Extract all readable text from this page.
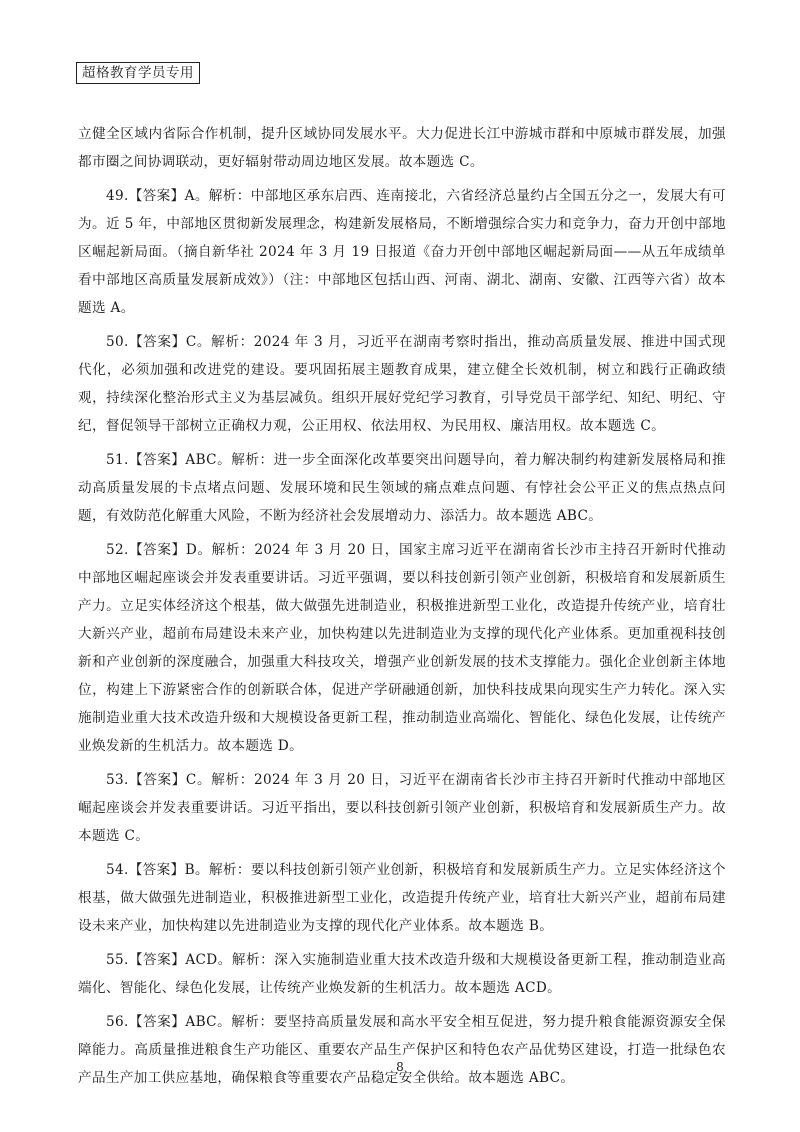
超格教育学员专用

立健全区域内省际合作机制，提升区域协同发展水平。大力促进长江中游城市群和中原城市群发展，加强都市圈之间协调联动，更好辐射带动周边地区发展。故本题选 C。

49.【答案】A。解析：中部地区承东启西、连南接北，六省经济总量约占全国五分之一，发展大有可为。近 5 年，中部地区贯彻新发展理念，构建新发展格局，不断增强综合实力和竞争力，奋力开创中部地区崛起新局面。（摘自新华社 2024 年 3 月 19 日报道《奋力开创中部地区崛起新局面——从五年成绩单看中部地区高质量发展新成效》）（注：中部地区包括山西、河南、湖北、湖南、安徽、江西等六省）故本题选 A。

50.【答案】C。解析：2024 年 3 月，习近平在湖南考察时指出，推动高质量发展、推进中国式现代化，必须加强和改进党的建设。要巩固拓展主题教育成果，建立健全长效机制，树立和践行正确政绩观，持续深化整治形式主义为基层减负。组织开展好党纪学习教育，引导党员干部学纪、知纪、明纪、守纪，督促领导干部树立正确权力观，公正用权、依法用权、为民用权、廉洁用权。故本题选 C。

51.【答案】ABC。解析：进一步全面深化改革要突出问题导向，着力解决制约构建新发展格局和推动高质量发展的卡点堵点问题、发展环境和民生领域的痛点难点问题、有悖社会公平正义的焦点热点问题，有效防范化解重大风险，不断为经济社会发展增动力、添活力。故本题选 ABC。

52.【答案】D。解析：2024 年 3 月 20 日，国家主席习近平在湖南省长沙市主持召开新时代推动中部地区崛起座谈会并发表重要讲话。习近平强调，要以科技创新引领产业创新，积极培育和发展新质生产力。立足实体经济这个根基，做大做强先进制造业，积极推进新型工业化，改造提升传统产业，培育壮大新兴产业，超前布局建设未来产业，加快构建以先进制造业为支撑的现代化产业体系。更加重视科技创新和产业创新的深度融合，加强重大科技攻关，增强产业创新发展的技术支撑能力。强化企业创新主体地位，构建上下游紧密合作的创新联合体，促进产学研融通创新，加快科技成果向现实生产力转化。深入实施制造业重大技术改造升级和大规模设备更新工程，推动制造业高端化、智能化、绿色化发展，让传统产业焕发新的生机活力。故本题选 D。

53.【答案】C。解析：2024 年 3 月 20 日，习近平在湖南省长沙市主持召开新时代推动中部地区崛起座谈会并发表重要讲话。习近平指出，要以科技创新引领产业创新，积极培育和发展新质生产力。故本题选 C。

54.【答案】B。解析：要以科技创新引领产业创新，积极培育和发展新质生产力。立足实体经济这个根基，做大做强先进制造业，积极推进新型工业化，改造提升传统产业，培育壮大新兴产业，超前布局建设未来产业，加快构建以先进制造业为支撑的现代化产业体系。故本题选 B。

55.【答案】ACD。解析：深入实施制造业重大技术改造升级和大规模设备更新工程，推动制造业高端化、智能化、绿色化发展，让传统产业焕发新的生机活力。故本题选 ACD。

56.【答案】ABC。解析：要坚持高质量发展和高水平安全相互促进，努力提升粮食能源资源安全保障能力。高质量推进粮食生产功能区、重要农产品生产保护区和特色农产品优势区建设，打造一批绿色农产品生产加工供应基地，确保粮食等重要农产品稳定安全供给。故本题选 ABC。

8
